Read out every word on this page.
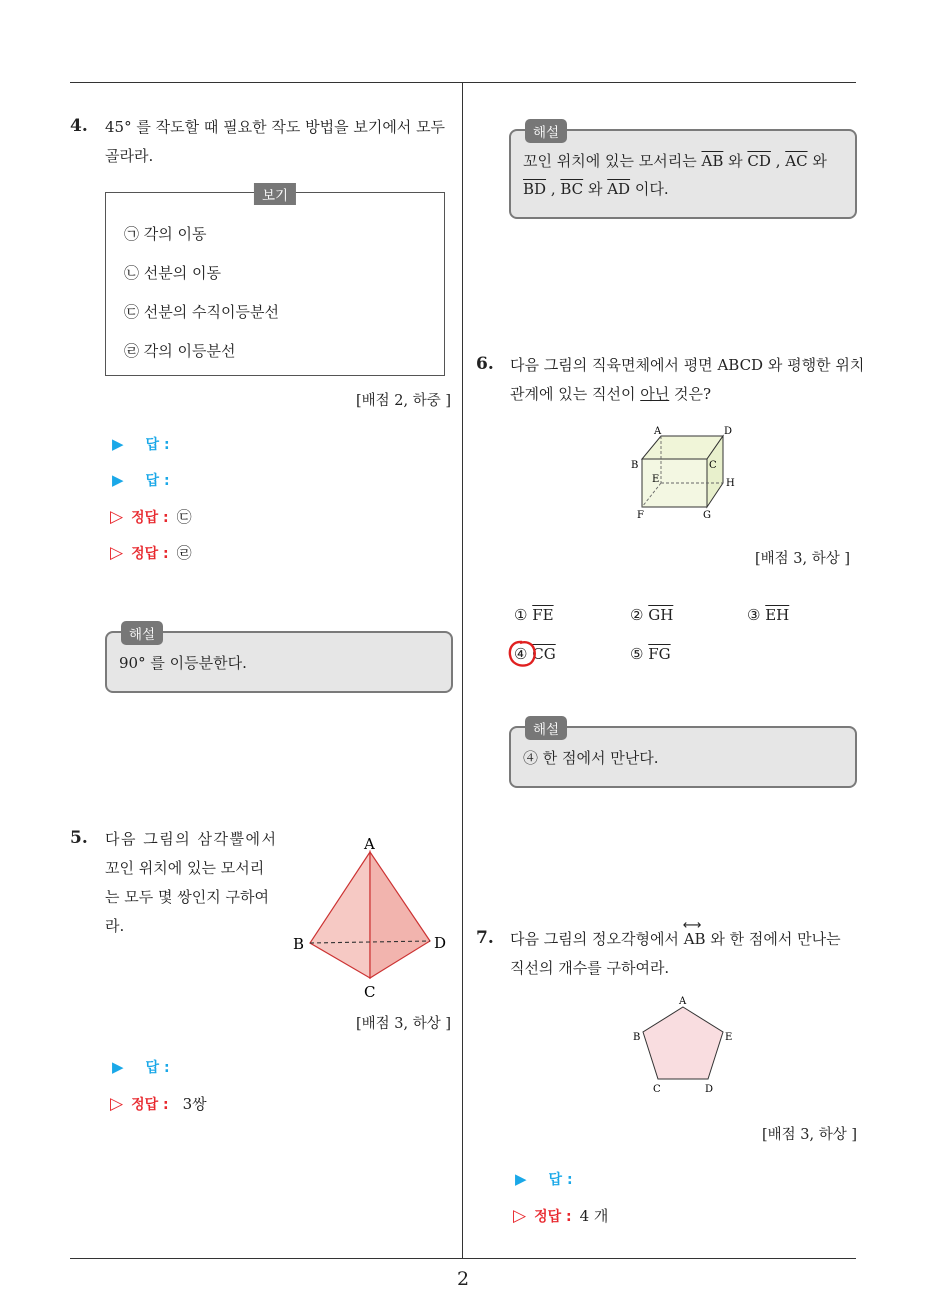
4. 45° 를 작도할 때 필요한 작도 방법을 보기에서 모두
골라라.
보기
㉠ 각의 이동
㉡ 선분의 이동
㉢ 선분의 수직이등분선
㉣ 각의 이등분선
[배점 2, 하중 ]
▶ 답 :
▶ 답 :
▷ 정답 : ㉢
▷ 정답 : ㉣
해설
90° 를 이등분한다.
5. 다음 그림의 삼각뿔에서
꼬인 위치에 있는 모서리
는 모두 몇 쌍인지 구하여
라.
A
B	D
C
[배점 3, 하상 ]
▶ 답 :
▷ 정답 : 3쌍
해설
꼬인 위치에 있는 모서리는 $\overline{AB}$ 와 $\overline{CD}$ , $\overline{AC}$ 와
$\overline{BD}$ , $\overline{BC}$ 와 $\overline{AD}$ 이다.
6. 다음 그림의 직육면체에서 평면 ABCD 와 평행한 위치
관계에 있는 직선이 아닌 것은?
A	D
B	C
E	H
F	G
[배점 3, 하상 ]
① $\overline{FE}$	② $\overline{GH}$	③ $\overline{EH}$
④ $\overline{CG}$	⑤ $\overline{FG}$
해설
④ 한 점에서 만난다.
7. 다음 그림의 정오각형에서
⟷
AB 와 한 점에서 만나는
직선의 개수를 구하여라.
A
B	E
C	D
[배점 3, 하상 ]
▶ 답 :
▷ 정답 : 4 개
2
